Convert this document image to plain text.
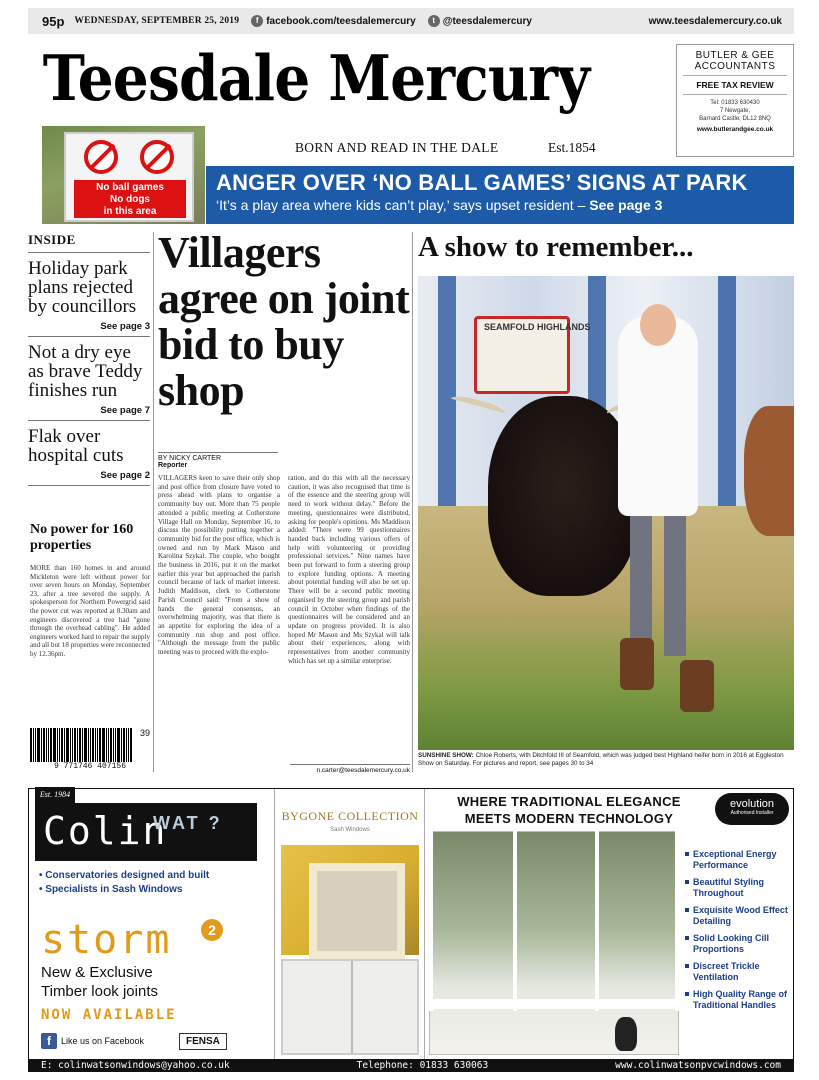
95p	WEDNESDAY, SEPTEMBER 25, 2019	f facebook.com/teesdalemercury	t @teesdalemercury	www.teesdalemercury.co.uk
Teesdale Mercury
BORN AND READ IN THE DALE	Est.1854
BUTLER & GEE
ACCOUNTANTS
FREE TAX REVIEW
Tel: 01833 630430
7 Newgate,
Barnard Castle, DL12 8NQ
www.butlerandgee.co.uk
No ball games
No dogs
in this area
ANGER OVER ‘NO BALL GAMES’ SIGNS AT PARK
‘It’s a play area where kids can’t play,’ says upset resident – See page 3
INSIDE
Holiday park plans rejected by councillors
See page 3
Not a dry eye as brave Teddy finishes run
See page 7
Flak over hospital cuts
See page 2
No power for 160 properties
MORE than 160 homes in and around Mickleton were left without power for over seven hours on Monday, September 23, after a tree severed the supply. A spokesperson for Northern Powergrid said the power cut was reported at 8.30am and engineers discovered a tree had "gone through the overhead cabling". He added engineers worked hard to repair the supply and all but 18 properties were reconnected by 12.36pm.
9 771746 407156
39
Villagers agree on joint bid to buy shop
BY NICKY CARTER
Reporter
VILLAGERS keen to save their only shop and post office from closure have voted to press ahead with plans to organise a community buy out. More than 75 people attended a public meeting at Cotherstone Village Hall on Monday, September 16, to discuss the possibility putting together a community bid for the post office, which is owned and run by Mark Mason and Karolina Szykal. The couple, who bought the business in 2016, put it on the market earlier this year but approached the parish council because of lack of market interest. Judith Maddison, clerk to Cotherstone Parish Council said: "From a show of hands the general consensus, an overwhelming majority, was that there is an appetite for exploring the idea of a community run shop and post office. "Although the message from the public meeting was to proceed with the explo-
ration, and do this with all the necessary caution, it was also recognised that time is of the essence and the steering group will need to work without delay." Before the meeting, questionnaires were distributed, asking for people's opinions. Ms Maddison added: "There were 99 questionnaires handed back including various offers of help with volunteering or providing professional services." Nine names have been put forward to form a steering group to explore funding options. A meeting about potential funding will also be set up. There will be a second public meeting organised by the steering group and parish council in October when findings of the questionnaires will be considered and an update on progress provided. It is also hoped Mr Mason and Ms Szykal will talk about their experiences, along with representatives from another community which has set up a similar enterprise.
n.carter@teesdalemercury.co.uk
A show to remember...
SEAMFOLD HIGHLANDS
SUNSHINE SHOW: Chloe Roberts, with Ditchfold III of Seamfold, which was judged best Highland heifer born in 2016 at Eggleston Show on Saturday. For pictures and report, see pages 30 to 34
Colin
WAT ?
Est. 1984
• Conservatories designed and built
• Specialists in Sash Windows
storm	2
New & Exclusive
Timber look joints
NOW AVAILABLE
f	Like us on Facebook	FENSA
BYGONE COLLECTION
Sash Windows
WHERE TRADITIONAL ELEGANCE
MEETS MODERN TECHNOLOGY
evolution
Authorised Installer
Exceptional Energy Performance
Beautiful Styling Throughout
Exquisite Wood Effect Detailing
Solid Looking Cill Proportions
Discreet Trickle Ventilation
High Quality Range of Traditional Handles
E: colinwatsonwindows@yahoo.co.uk	Telephone: 01833 630063	www.colinwatsonpvcwindows.com
